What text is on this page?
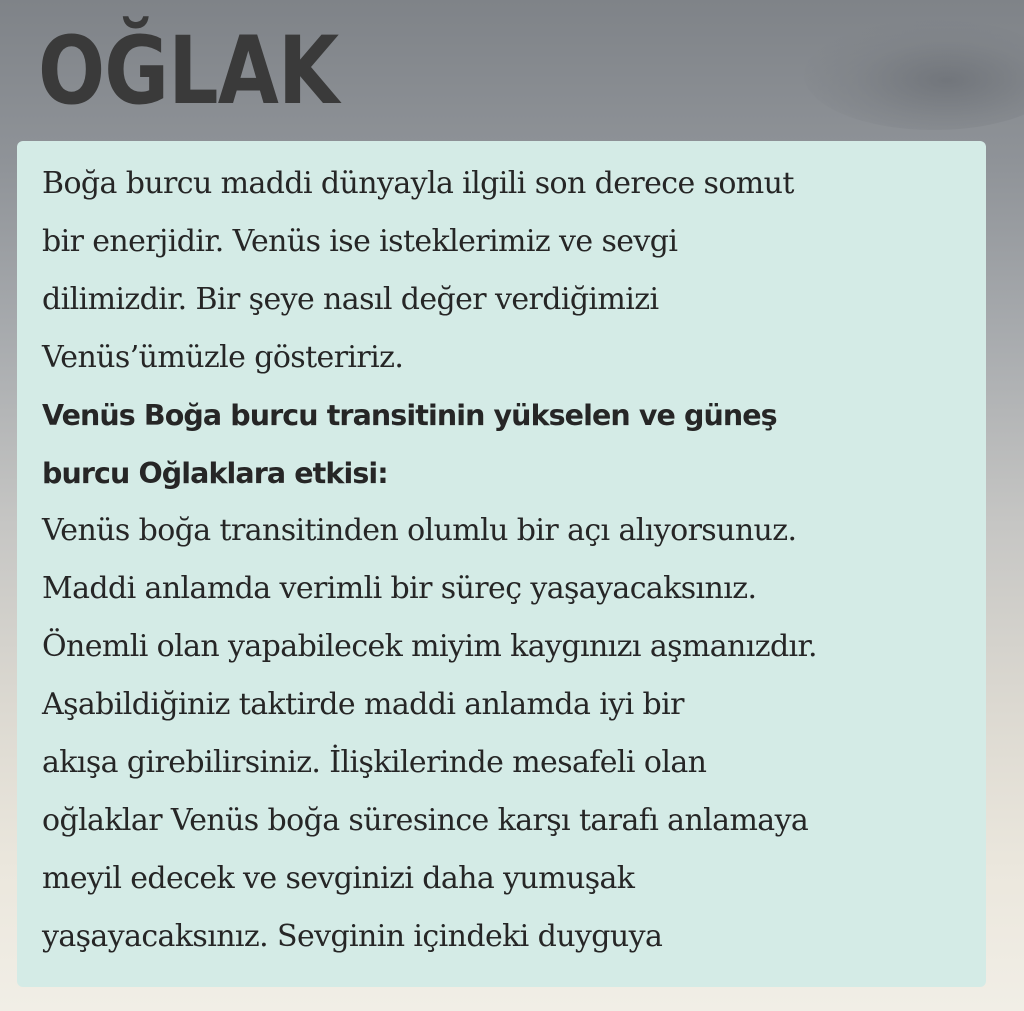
OĞLAK

Boğa burcu maddi dünyayla ilgili son derece somut
bir enerjidir. Venüs ise isteklerimiz ve sevgi
dilimizdir. Bir şeye nasıl değer verdiğimizi
Venüs’ümüzle gösteririz.
Venüs Boğa burcu transitinin yükselen ve güneş
burcu Oğlaklara etkisi:
Venüs boğa transitinden olumlu bir açı alıyorsunuz.
Maddi anlamda verimli bir süreç yaşayacaksınız.
Önemli olan yapabilecek miyim kaygınızı aşmanızdır.
Aşabildiğiniz taktirde maddi anlamda iyi bir
akışa girebilirsiniz. İlişkilerinde mesafeli olan
oğlaklar Venüs boğa süresince karşı tarafı anlamaya
meyil edecek ve sevginizi daha yumuşak
yaşayacaksınız. Sevginin içindeki duyguya
